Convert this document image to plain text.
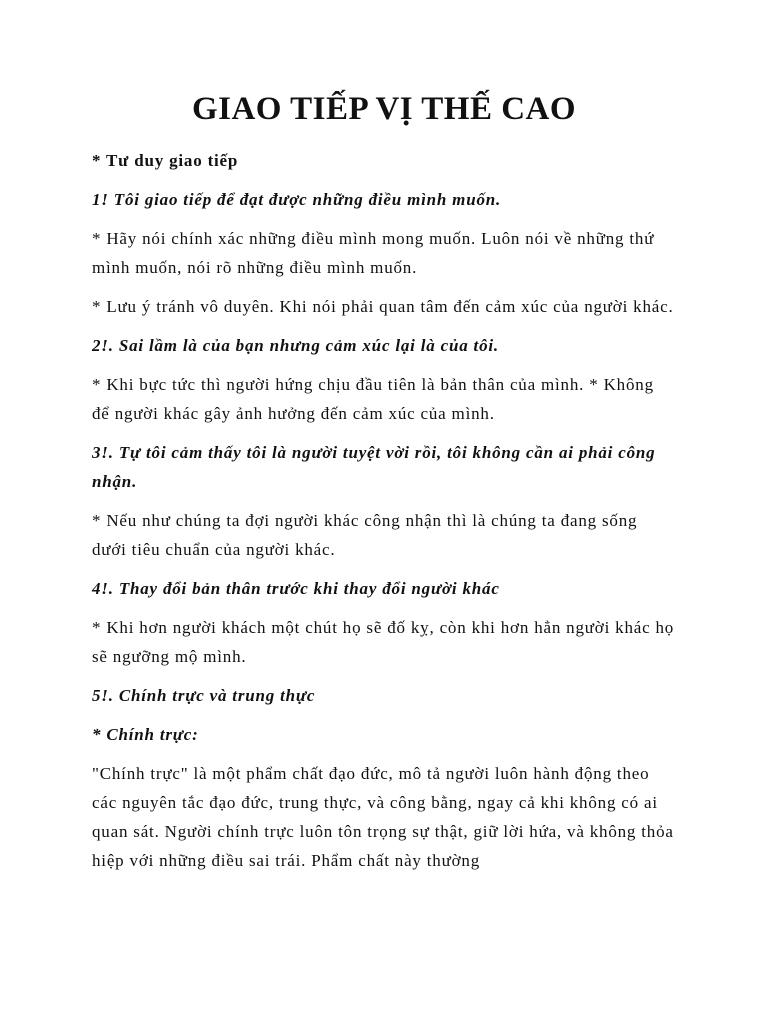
GIAO TIẾP VỊ THẾ CAO

* Tư duy giao tiếp

1! Tôi giao tiếp để đạt được những điều mình muốn.

* Hãy nói chính xác những điều mình mong muốn. Luôn nói về những thứ mình muốn, nói rõ những điều mình muốn.

* Lưu ý tránh vô duyên. Khi nói phải quan tâm đến cảm xúc của người khác.

2!. Sai lầm là của bạn nhưng cảm xúc lại là của tôi.

* Khi bực tức thì người hứng chịu đầu tiên là bản thân của mình. * Không để người khác gây ảnh hưởng đến cảm xúc của mình.

3!. Tự tôi cảm thấy tôi là người tuyệt vời rồi, tôi không cần ai phải công nhận.

* Nếu như chúng ta đợi người khác công nhận thì là chúng ta đang sống dưới tiêu chuẩn của người khác.

4!. Thay đổi bản thân trước khi thay đổi người khác

* Khi hơn người khách một chút họ sẽ đố kỵ, còn khi hơn hẳn người khác họ sẽ ngưỡng mộ mình.

5!. Chính trực và trung thực

* Chính trực:

"Chính trực" là một phẩm chất đạo đức, mô tả người luôn hành động theo các nguyên tắc đạo đức, trung thực, và công bằng, ngay cả khi không có ai quan sát. Người chính trực luôn tôn trọng sự thật, giữ lời hứa, và không thỏa hiệp với những điều sai trái. Phẩm chất này thường
